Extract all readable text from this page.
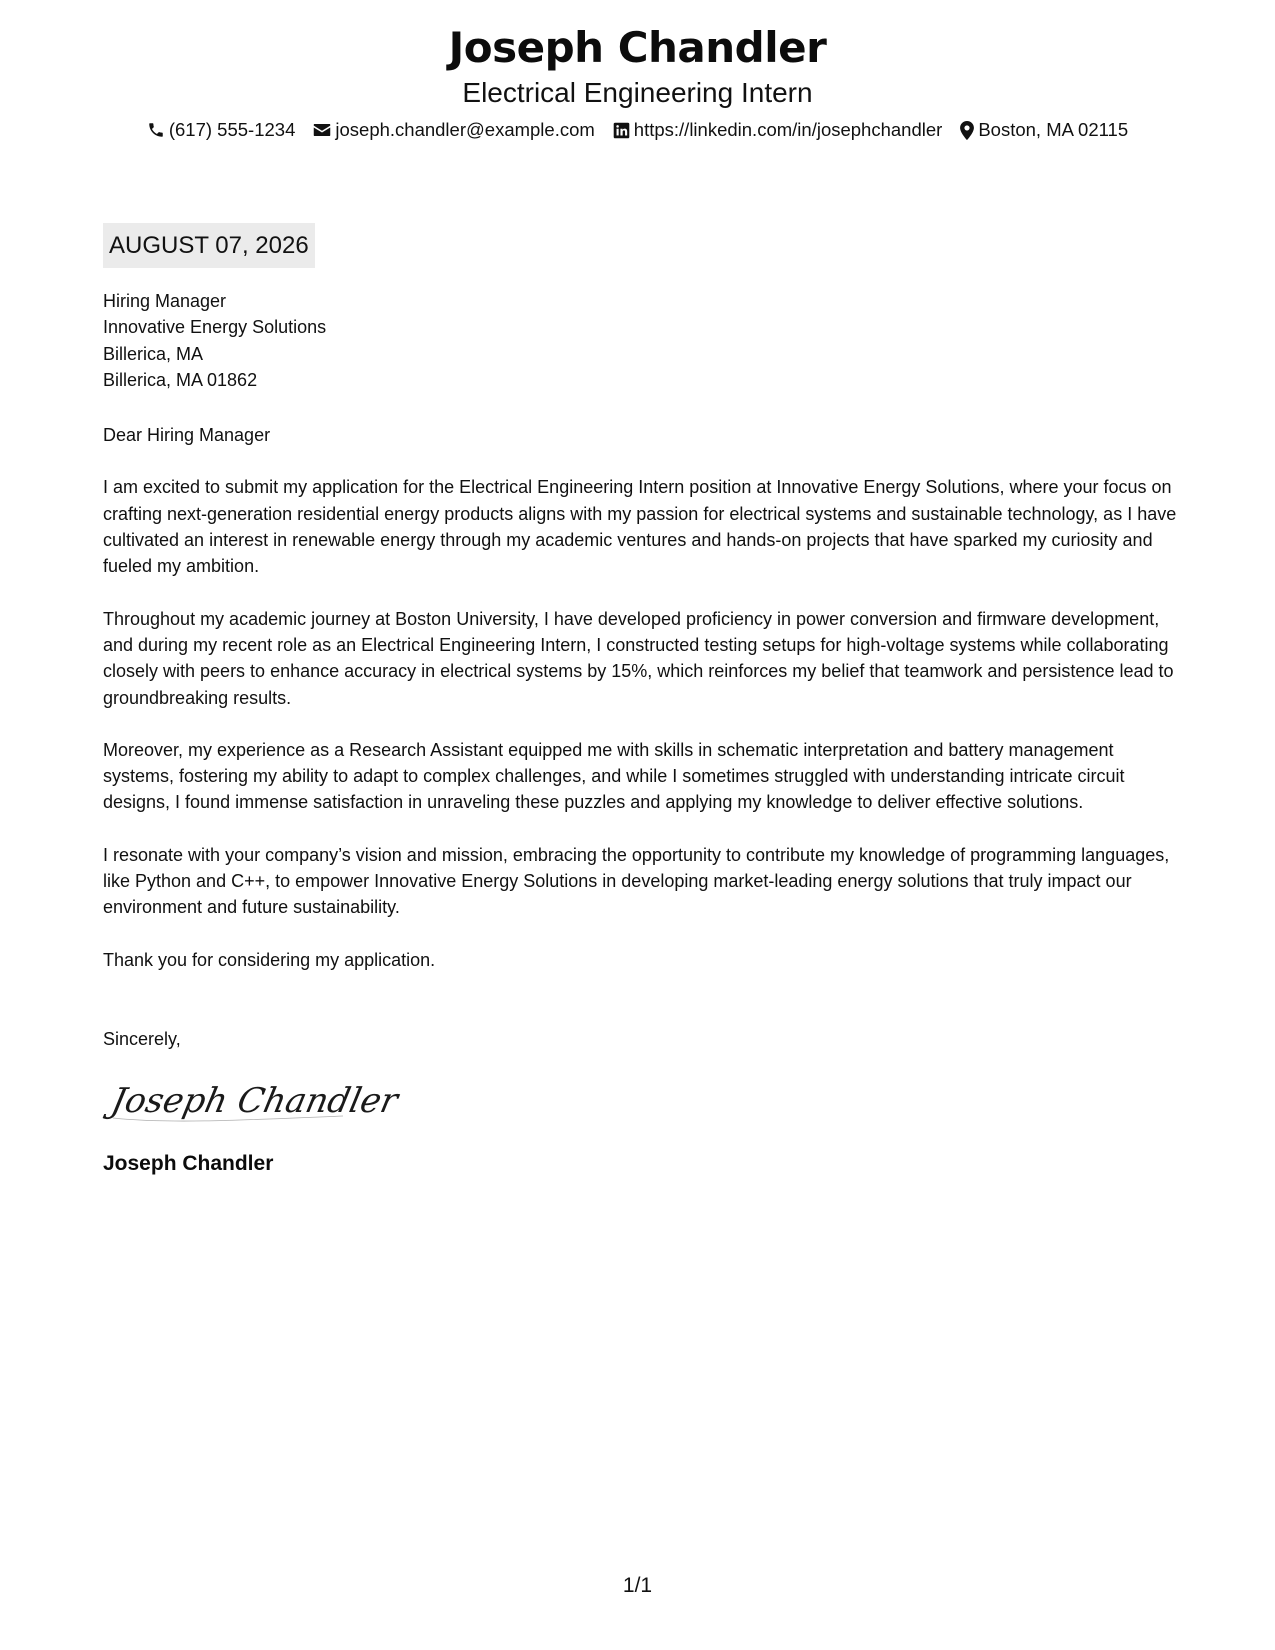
Joseph Chandler
Electrical Engineering Intern
(617) 555-1234 joseph.chandler@example.com https://linkedin.com/in/josephchandler Boston, MA 02115
AUGUST 07, 2026
Hiring Manager
Innovative Energy Solutions
Billerica, MA
Billerica, MA 01862
Dear Hiring Manager

I am excited to submit my application for the Electrical Engineering Intern position at Innovative Energy Solutions, where your focus on crafting next-generation residential energy products aligns with my passion for electrical systems and sustainable technology, as I have cultivated an interest in renewable energy through my academic ventures and hands-on projects that have sparked my curiosity and fueled my ambition.

Throughout my academic journey at Boston University, I have developed proficiency in power conversion and firmware development, and during my recent role as an Electrical Engineering Intern, I constructed testing setups for high-voltage systems while collaborating closely with peers to enhance accuracy in electrical systems by 15%, which reinforces my belief that teamwork and persistence lead to groundbreaking results.

Moreover, my experience as a Research Assistant equipped me with skills in schematic interpretation and battery management systems, fostering my ability to adapt to complex challenges, and while I sometimes struggled with understanding intricate circuit designs, I found immense satisfaction in unraveling these puzzles and applying my knowledge to deliver effective solutions.

I resonate with your company’s vision and mission, embracing the opportunity to contribute my knowledge of programming languages, like Python and C++, to empower Innovative Energy Solutions in developing market-leading energy solutions that truly impact our environment and future sustainability.

Thank you for considering my application.

Sincerely,
Joseph Chandler
Joseph Chandler
1/1
